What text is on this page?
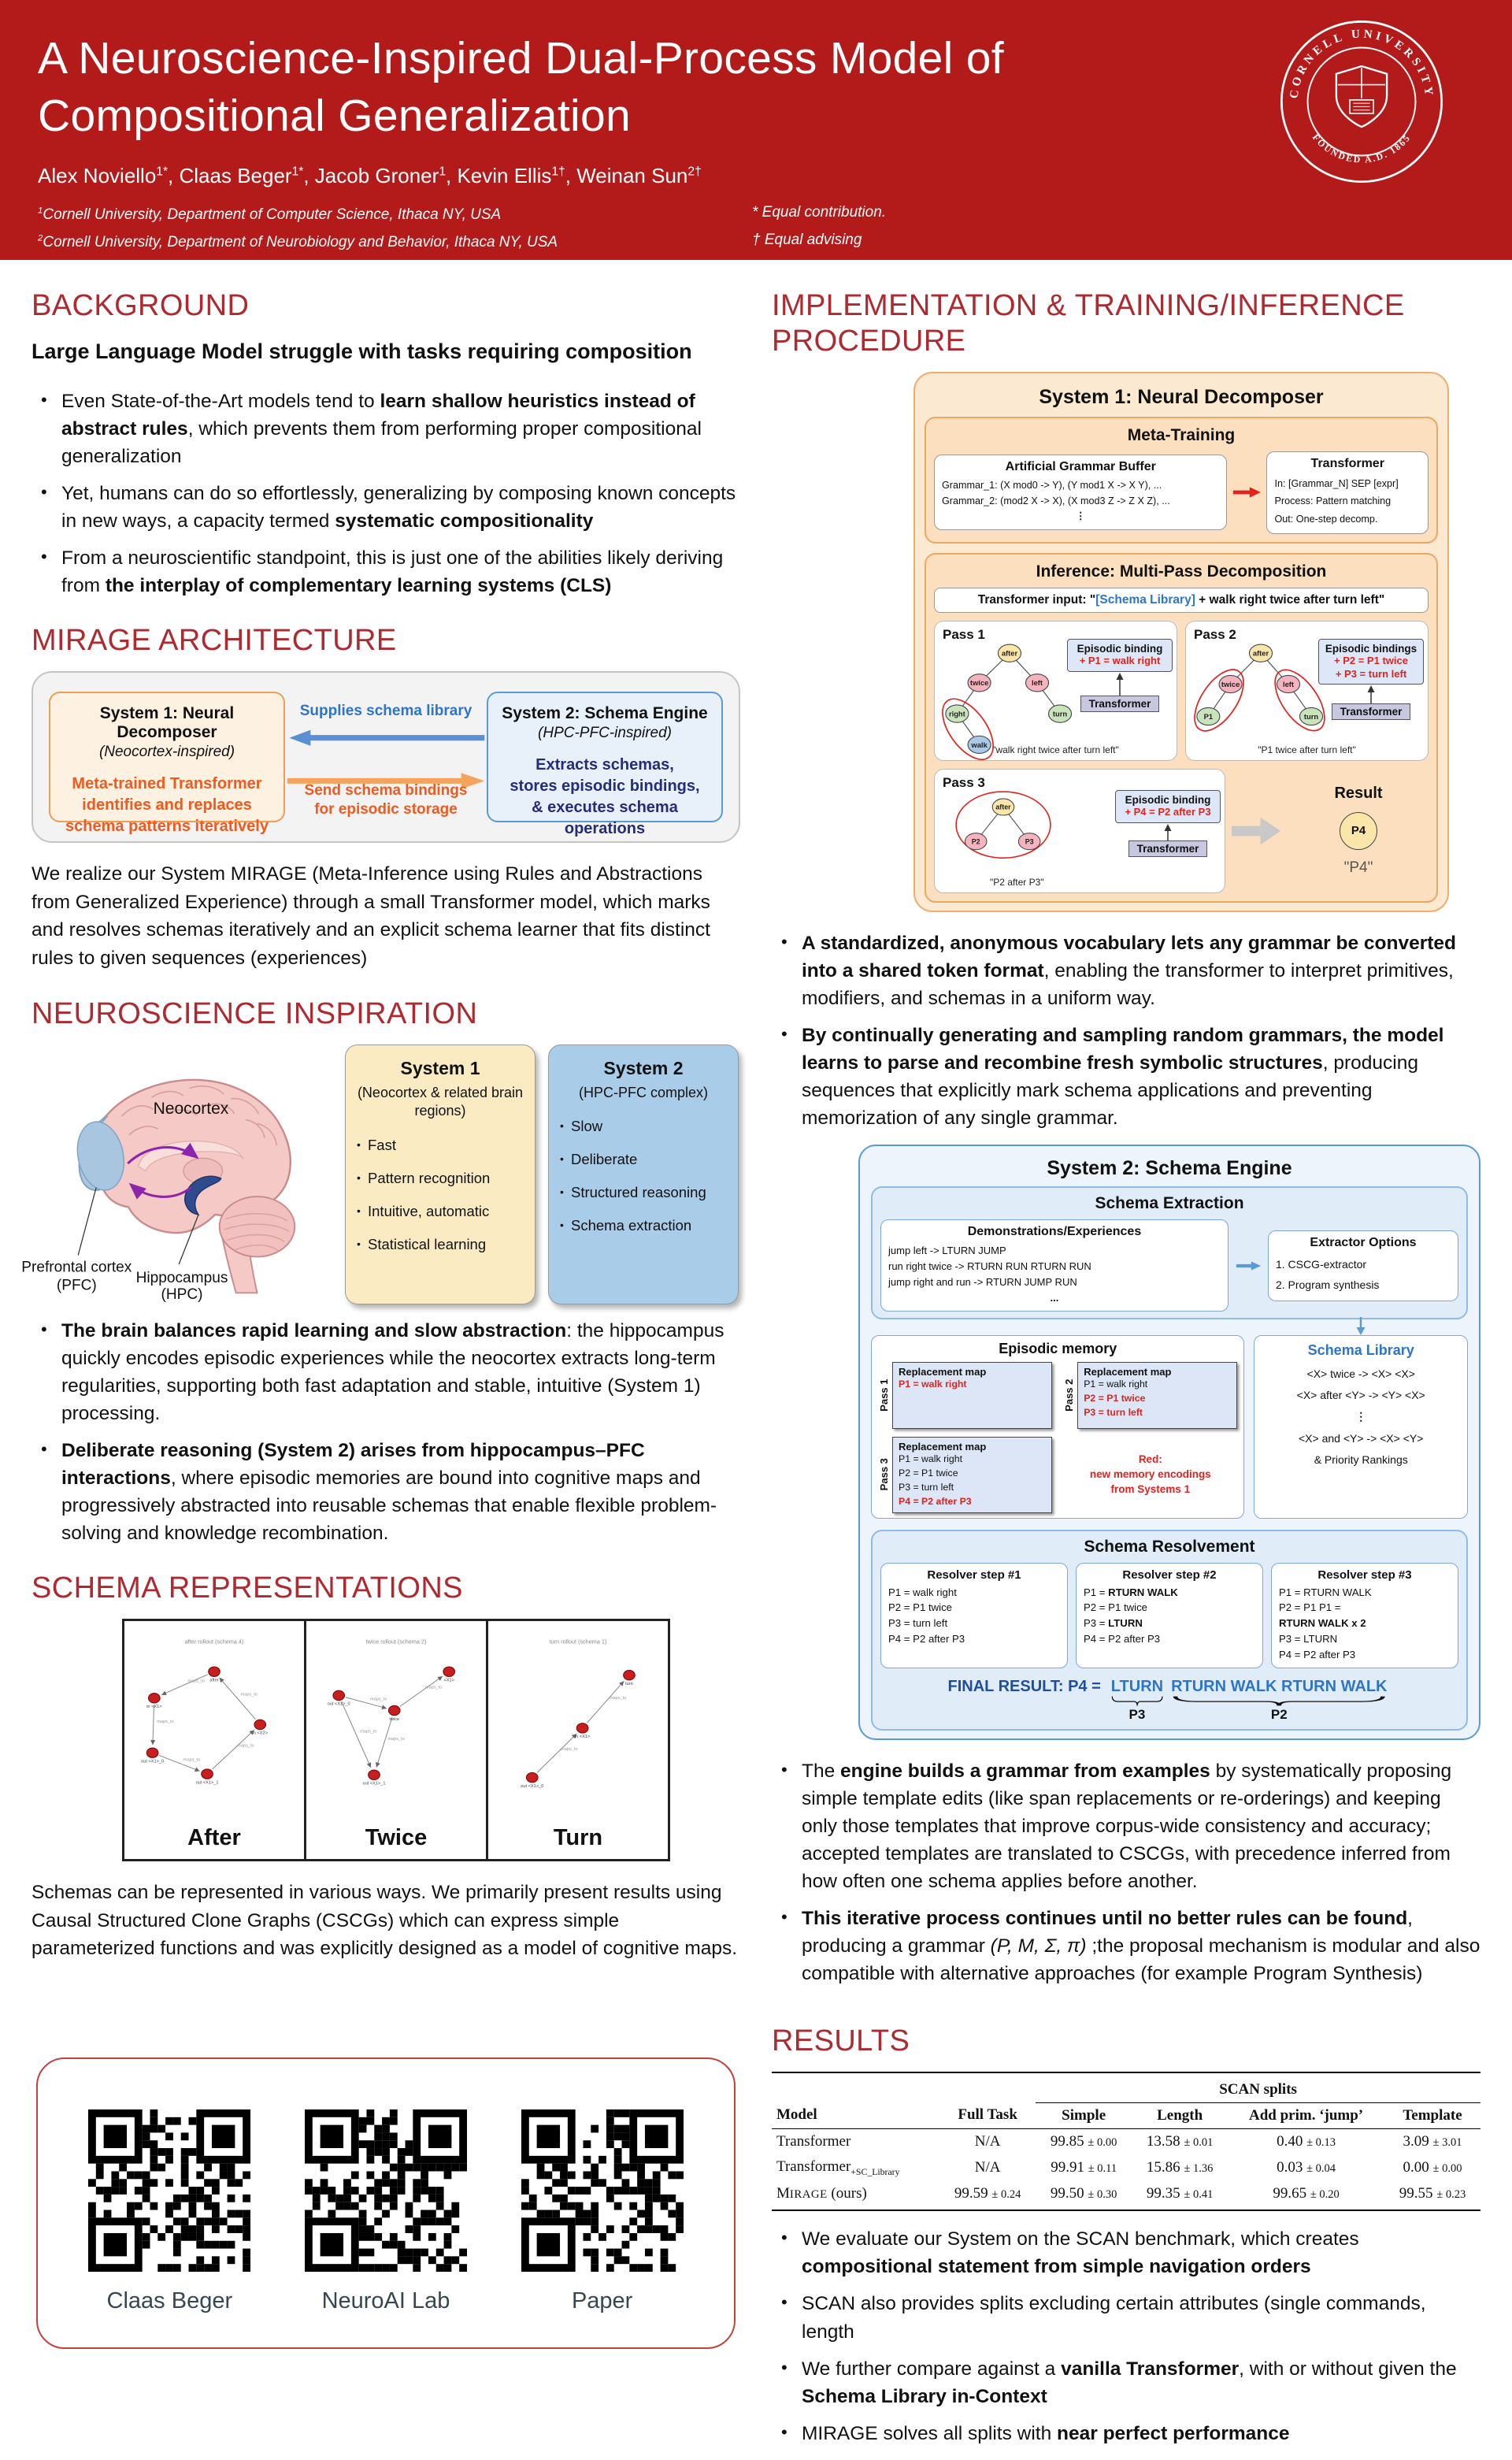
A Neuroscience-Inspired Dual-Process Model of Compositional Generalization
Alex Noviello$^{1*}$, Claas Beger$^{1*}$, Jacob Groner$^1$, Kevin Ellis$^{1\dagger}$, Weinan Sun$^{2\dagger}$
$^1$Cornell University, Department of Computer Science, Ithaca NY, USA
$^2$Cornell University, Department of Neurobiology and Behavior, Ithaca NY, USA
* Equal contribution.
† Equal advising
CORNELL UNIVERSITY
FOUNDED A.D. 1865
BACKGROUND
Large Language Model struggle with tasks requiring composition
• Even State-of-the-Art models tend to learn shallow heuristics instead of abstract rules, which prevents them from performing proper compositional generalization
• Yet, humans can do so effortlessly, generalizing by composing known concepts in new ways, a capacity termed systematic compositionality
• From a neuroscientific standpoint, this is just one of the abilities likely deriving from the interplay of complementary learning systems (CLS)
MIRAGE ARCHITECTURE
System 1: Neural Decomposer
(Neocortex-inspired)
Meta-trained Transformer
identifies and replaces
schema patterns iteratively
Supplies schema library
Send schema bindings
for episodic storage
System 2: Schema Engine
(HPC-PFC-inspired)
Extracts schemas,
stores episodic bindings,
& executes schema operations
We realize our System MIRAGE (Meta-Inference using Rules and Abstractions from Generalized Experience) through a small Transformer model, which marks and resolves schemas iteratively and an explicit schema learner that fits distinct rules to given sequences (experiences)
NEUROSCIENCE INSPIRATION
Neocortex
Prefrontal cortex
(PFC) Hippocampus
(HPC)
System 1
(Neocortex & related brain regions)
• Fast
• Pattern recognition
• Intuitive, automatic
• Statistical learning
System 2
(HPC-PFC complex)
• Slow
• Deliberate
• Structured reasoning
• Schema extraction
• The brain balances rapid learning and slow abstraction: the hippocampus quickly encodes episodic experiences while the neocortex extracts long-term regularities, supporting both fast adaptation and stable, intuitive (System 1) processing.
• Deliberate reasoning (System 2) arises from hippocampus–PFC interactions, where episodic memories are bound into cognitive maps and progressively abstracted into reusable schemas that enable flexible problem-solving and knowledge recombination.
SCHEMA REPRESENTATIONS
after rollout (schema 4)
maps_to
maps_to
maps_to
maps_to
maps_to
after
in <X1>
out <X1>_0
out <X1>_1
in <X2>
After
twice rollout (schema 2)
maps_to
maps_to
maps_to
maps_to
out <X1>_0
twice
<X1>
out <X1>_1
Twice
turn rollout (schema 1)
maps_to
maps_to
turn
in <X1>
out <X1>_0
Turn
Schemas can be represented in various ways. We primarily present results using Causal Structured Clone Graphs (CSCGs) which can express simple parameterized functions and was explicitly designed as a model of cognitive maps.
Claas Beger	NeuroAI Lab	Paper
IMPLEMENTATION & TRAINING/INFERENCE PROCEDURE
System 1: Neural Decomposer
Meta-Training
Artificial Grammar Buffer
Grammar_1: (X mod0 -> Y), (Y mod1 X -> X Y), ...
Grammar_2: (mod2 X -> X), (X mod3 Z -> Z X Z), ...
⋮
Transformer
In: [Grammar_N] SEP [expr]
Process: Pattern matching
Out: One-step decomp.
Inference: Multi-Pass Decomposition
Transformer input: "[Schema Library] + walk right twice after turn left"
Pass 1
after
twice	left
right	turn
walk
Episodic binding
+ P1 = walk right
Transformer
"walk right twice after turn left"
Pass 2
after
twice	left
P1	turn
Episodic bindings
+ P2 = P1 twice
+ P3 = turn left
Transformer
"P1 twice after turn left"
Pass 3
after
P2	P3
Episodic binding
+ P4 = P2 after P3
Transformer
"P2 after P3"
Result
P4
"P4"
• A standardized, anonymous vocabulary lets any grammar be converted into a shared token format, enabling the transformer to interpret primitives, modifiers, and schemas in a uniform way.
• By continually generating and sampling random grammars, the model learns to parse and recombine fresh symbolic structures, producing sequences that explicitly mark schema applications and preventing memorization of any single grammar.
System 2: Schema Engine
Schema Extraction
Demonstrations/Experiences
jump left -> LTURN JUMP
run right twice -> RTURN RUN RTURN RUN
jump right and run -> RTURN JUMP RUN
...
Extractor Options
1. CSCG-extractor
2. Program synthesis
Episodic memory
Pass 1
Replacement map
P1 = walk right	Pass 2
Replacement map
P1 = walk right
P2 = P1 twice
P3 = turn left
Pass 3
Replacement map
P1 = walk right
P2 = P1 twice
P3 = turn left
P4 = P2 after P3
Red:
new memory encodings
from Systems 1
Schema Library
<X> twice -> <X> <X>
<X> after <Y> -> <Y> <X>
⋮
<X> and <Y> -> <X> <Y>
& Priority Rankings
Schema Resolvement
Resolver step #1
P1 = walk right
P2 = P1 twice
P3 = turn left
P4 = P2 after P3
Resolver step #2
P1 = RTURN WALK
P2 = P1 twice
P3 = LTURN
P4 = P2 after P3
Resolver step #3
P1 = RTURN WALK
P2 = P1 P1 =
RTURN WALK x 2
P3 = LTURN
P4 = P2 after P3
FINAL RESULT: P4 = LTURN
P3
RTURN WALK RTURN WALK
P2
• The engine builds a grammar from examples by systematically proposing simple template edits (like span replacements or re-orderings) and keeping only those templates that improve corpus-wide consistency and accuracy; accepted templates are translated to CSCGs, with precedence inferred from how often one schema applies before another.
• This iterative process continues until no better rules can be found, producing a grammar (P, M, Σ, π) ;the proposal mechanism is modular and also compatible with alternative approaches (for example Program Synthesis)
RESULTS
		SCAN splits			
Model	Full Task	Simple	Length	Add prim. ‘jump’	Template
Transformer	N/A	99.85 ± 0.00	13.58 ± 0.01	0.40 ± 0.13	3.09 ± 3.01
Transformer$_{+SC\_Library}$	N/A	99.91 ± 0.11	15.86 ± 1.36	0.03 ± 0.04	0.00 ± 0.00
MIRAGE (ours)	99.59 ± 0.24	99.50 ± 0.30	99.35 ± 0.41	99.65 ± 0.20	99.55 ± 0.23
• We evaluate our System on the SCAN benchmark, which creates compositional statement from simple navigation orders
• SCAN also provides splits excluding certain attributes (single commands, length
• We further compare against a vanilla Transformer, with or without given the Schema Library in-Context
• MIRAGE solves all splits with near perfect performance
